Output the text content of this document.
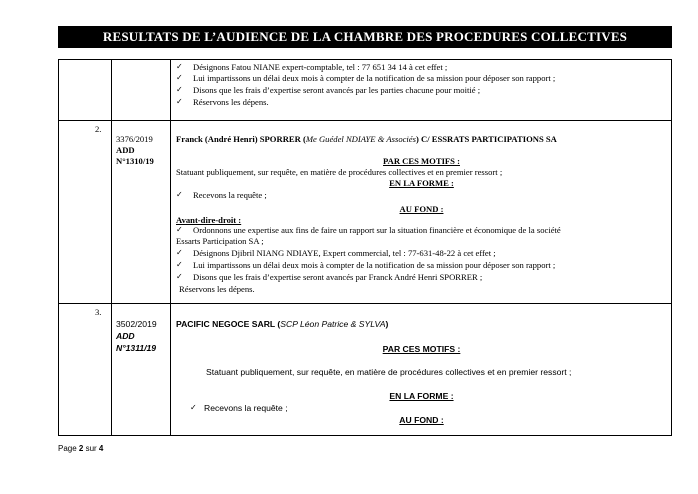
RESULTATS DE L’AUDIENCE DE LA CHAMBRE DES PROCEDURES COLLECTIVES
✓ Désignons Fatou NIANE expert-comptable, tel : 77 651 34 14 à cet effet ;
✓ Lui impartissons un délai deux mois à compter de la notification de sa mission pour déposer son rapport ;
✓ Disons que les frais d’expertise seront avancés par les parties chacune pour moitié ;
✓ Réservons les dépens.
2.
3376/2019
ADD
N°1310/19
Franck (André Henri) SPORRER (Me Guédel NDIAYE & Associés) C/ ESSRATS PARTICIPATIONS SA
PAR CES MOTIFS :
Statuant publiquement, sur requête, en matière de procédures collectives et en premier ressort ;
EN LA FORME :
✓ Recevons la requête ;
AU FOND :
Avant-dire-droit :
✓ Ordonnons une expertise aux fins de faire un rapport sur la situation financière et économique de la société
Essarts Participation SA ;
✓ Désignons Djibril NIANG NDIAYE, Expert commercial, tel : 77-631-48-22 à cet effet ;
✓ Lui impartissons un délai deux mois à compter de la notification de sa mission pour déposer son rapport ;
✓ Disons que les frais d’expertise seront avancés par Franck André Henri SPORRER ;
Réservons les dépens.
3.
3502/2019
ADD
N°1311/19
PACIFIC NEGOCE SARL (SCP Léon Patrice & SYLVA)
PAR CES MOTIFS :
Statuant publiquement, sur requête, en matière de procédures collectives et en premier ressort ;
EN LA FORME :
✓ Recevons la requête ;
AU FOND :
Page 2 sur 4
